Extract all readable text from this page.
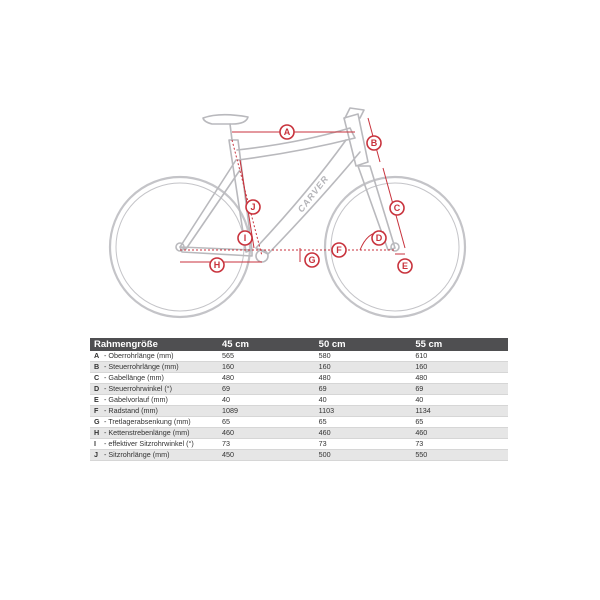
CARVER
A
B
C
D
E
F
G
H
I
J
Rahmengröße	45 cm	50 cm	55 cm
A - Oberrohrlänge (mm)	565	580	610
B - Steuerrohrlänge (mm)	160	160	160
C - Gabellänge (mm)	480	480	480
D - Steuerrohrwinkel (°)	69	69	69
E - Gabelvorlauf (mm)	40	40	40
F - Radstand (mm)	1089	1103	1134
G - Tretlagerabsenkung (mm)	65	65	65
H - Kettenstrebenlänge (mm)	460	460	460
I - effektiver Sitzrohrwinkel (°)	73	73	73
J - Sitzrohrlänge (mm)	450	500	550
